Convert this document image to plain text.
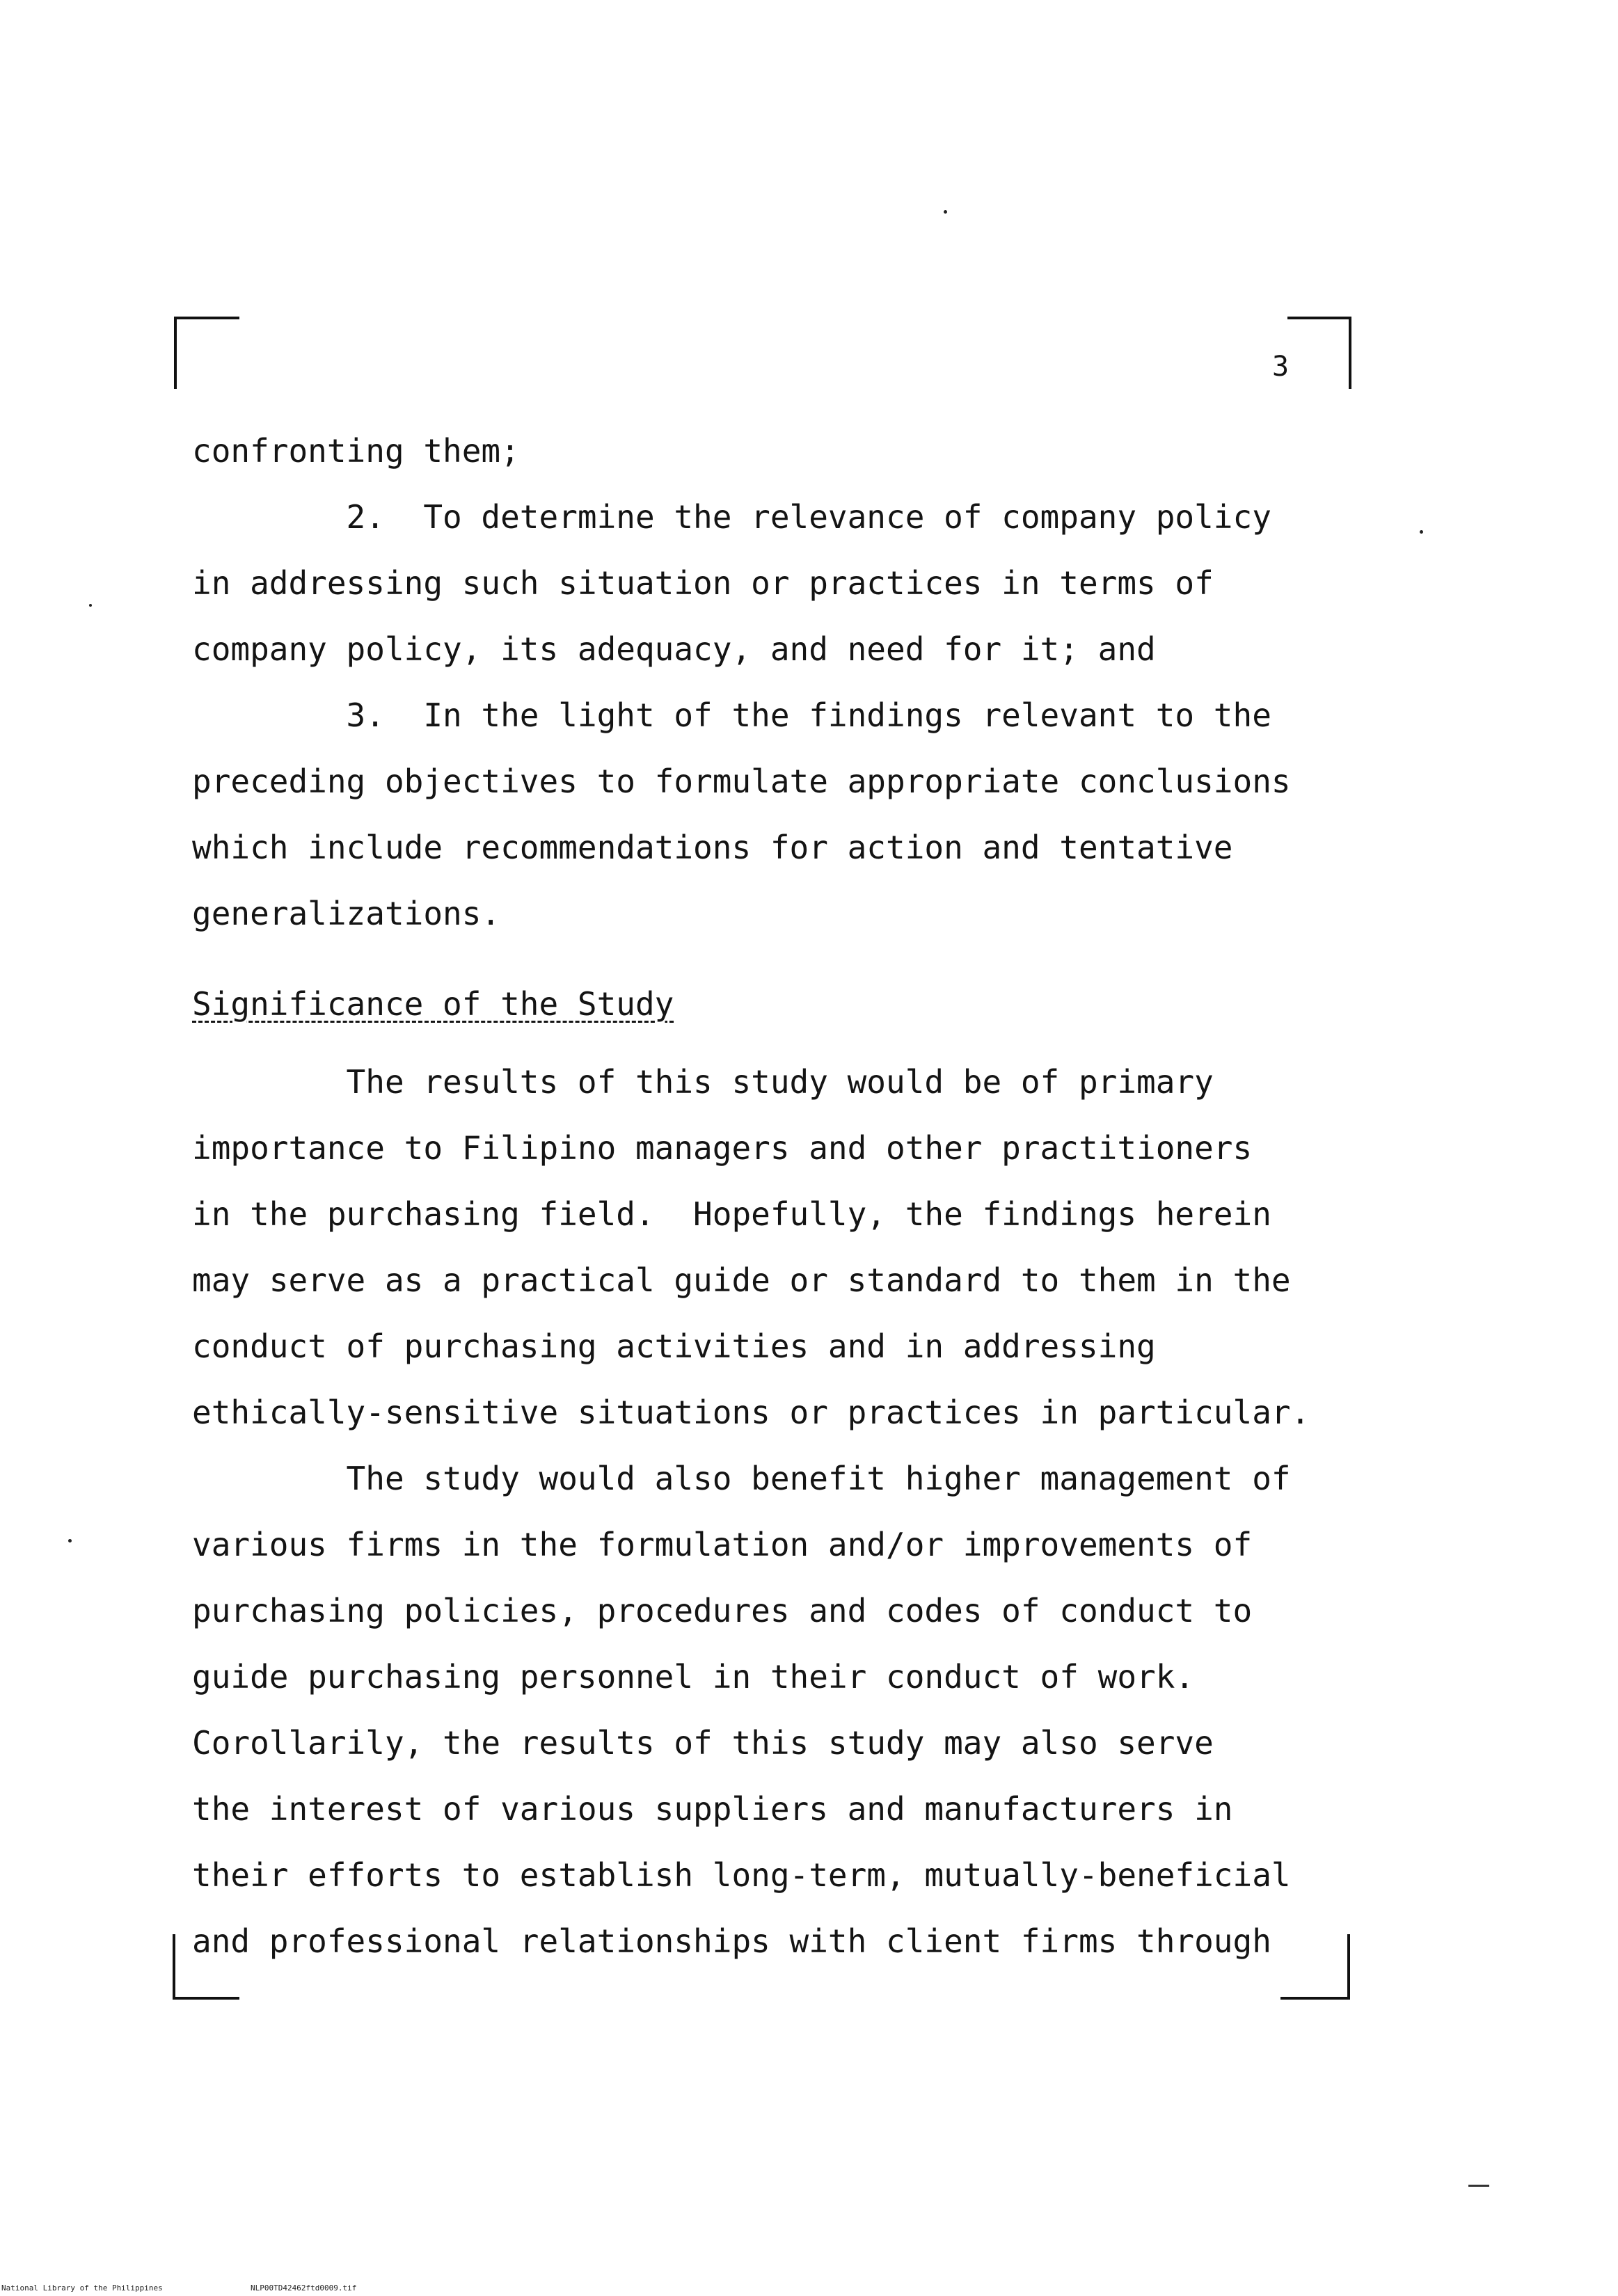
3
confronting them;
2.  To determine the relevance of company policy
in addressing such situation or practices in terms of
company policy, its adequacy, and need for it; and
3.  In the light of the findings relevant to the
preceding objectives to formulate appropriate conclusions
which include recommendations for action and tentative
generalizations.
Significance of the Study
The results of this study would be of primary
importance to Filipino managers and other practitioners
in the purchasing field.  Hopefully, the findings herein
may serve as a practical guide or standard to them in the
conduct of purchasing activities and in addressing
ethically-sensitive situations or practices in particular.
The study would also benefit higher management of
various firms in the formulation and/or improvements of
purchasing policies, procedures and codes of conduct to
guide purchasing personnel in their conduct of work.
Corollarily, the results of this study may also serve
the interest of various suppliers and manufacturers in
their efforts to establish long-term, mutually-beneficial
and professional relationships with client firms through
National Library of the Philippines	NLP00TD42462ftd0009.tif
